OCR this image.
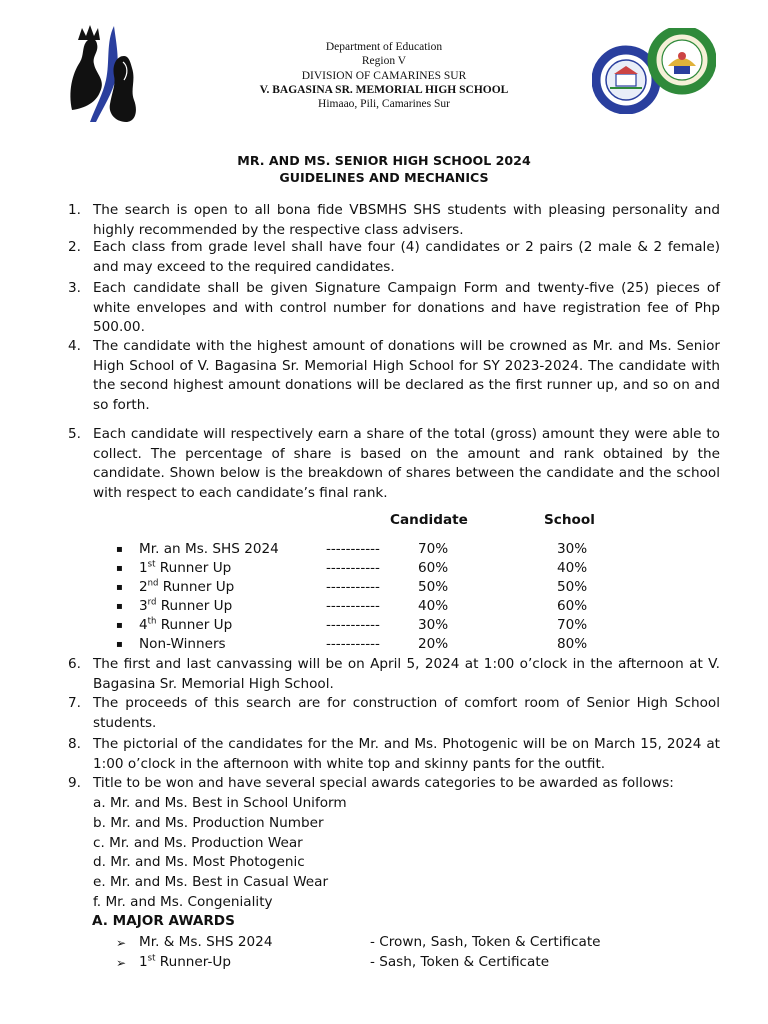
Department of Education
Region V
DIVISION OF CAMARINES SUR
V. BAGASINA SR. MEMORIAL HIGH SCHOOL
Himaao, Pili, Camarines Sur
MR. AND MS. SENIOR HIGH SCHOOL 2024
GUIDELINES AND MECHANICS
1.
2.
3.
4.
5.
6.
7.
8.
9.
The search is open to all bona fide VBSMHS SHS students with pleasing personality and highly recommended by the respective class advisers.
Each class from grade level shall have four (4) candidates or 2 pairs (2 male & 2 female) and may exceed to the required candidates.
Each candidate shall be given Signature Campaign Form and twenty-five (25) pieces of white envelopes and with control number for donations and have registration fee of Php 500.00.
The candidate with the highest amount of donations will be crowned as Mr. and Ms. Senior High School of V. Bagasina Sr. Memorial High School for SY 2023-2024. The candidate with the second highest amount donations will be declared as the first runner up, and so on and so forth.
Each candidate will respectively earn a share of the total (gross) amount they were able to collect. The percentage of share is based on the amount and rank obtained by the candidate. Shown below is the breakdown of shares between the candidate and the school with respect to each candidate’s final rank.
Candidate	School
▪ Mr. an Ms. SHS 2024	-----------	70%	30%
▪ 1st Runner Up	-----------	60%	40%
▪ 2nd Runner Up	-----------	50%	50%
▪ 3rd Runner Up	-----------	40%	60%
▪ 4th Runner Up	-----------	30%	70%
▪ Non-Winners	-----------	20%	80%
The first and last canvassing will be on April 5, 2024 at 1:00 o’clock in the afternoon at V. Bagasina Sr. Memorial High School.
The proceeds of this search are for construction of comfort room of Senior High School students.
The pictorial of the candidates for the Mr. and Ms. Photogenic will be on March 15, 2024 at 1:00 o’clock in the afternoon with white top and skinny pants for the outfit.
Title to be won and have several special awards categories to be awarded as follows:
a. Mr. and Ms. Best in School Uniform
b. Mr. and Ms. Production Number
c. Mr. and Ms. Production Wear
d. Mr. and Ms. Most Photogenic
e. Mr. and Ms. Best in Casual Wear
f. Mr. and Ms. Congeniality
A. MAJOR AWARDS
➢ Mr. & Ms. SHS 2024	- Crown, Sash, Token & Certificate
➢ 1st Runner-Up	- Sash, Token & Certificate
